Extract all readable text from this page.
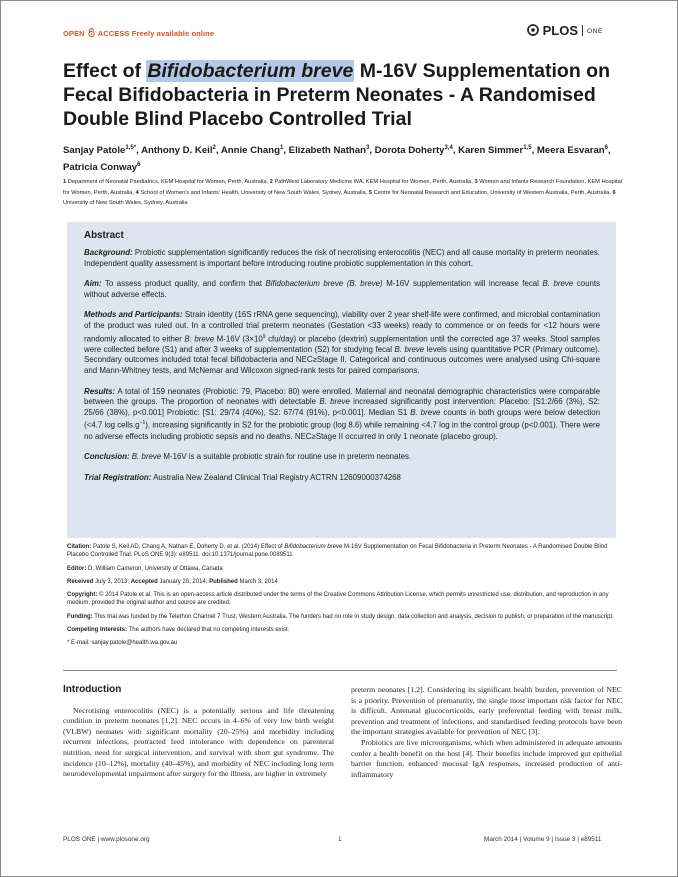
OPEN ACCESS Freely available online	PLOS ONE
Effect of Bifidobacterium breve M-16V Supplementation on Fecal Bifidobacteria in Preterm Neonates - A Randomised Double Blind Placebo Controlled Trial
Sanjay Patole$^{1,5*}$, Anthony D. Keil$^2$, Annie Chang$^1$, Elizabeth Nathan$^3$, Dorota Doherty$^{3,4}$, Karen Simmer$^{1,5}$, Meera Esvaran$^6$, Patricia Conway$^6$
1 Department of Neonatal Paediatrics, KEM Hospital for Women, Perth, Australia, 2 PathWest Laboratory Medicine WA, KEM Hospital for Women, Perth, Australia, 3 Women and Infants Research Foundation, KEM Hospital for Women, Perth, Australia, 4 School of Women's and Infants' Health, University of New South Wales, Sydney, Australia, 5 Centre for Neonatal Research and Education, University of Western Australia, Perth, Australia, 6 University of New South Wales, Sydney, Australia
Abstract

Background: Probiotic supplementation significantly reduces the risk of necrotising enterocolitis (NEC) and all cause mortality in preterm neonates. Independent quality assessment is important before introducing routine probiotic supplementation in this cohort.

Aim: To assess product quality, and confirm that Bifidobacterium breve (B. breve) M-16V supplementation will increase fecal B. breve counts without adverse effects.

Methods and Participants: Strain identity (16S rRNA gene sequencing), viability over 2 year shelf-life were confirmed, and microbial contamination of the product was ruled out. In a controlled trial preterm neonates (Gestation <33 weeks) ready to commence or on feeds for <12 hours were randomly allocated to either B. breve M-16V ($3\times 10^9$ cfu/day) or placebo (dextrin) supplementation until the corrected age 37 weeks. Stool samples were collected before (S1) and after 3 weeks of supplementation (S2) for studying fecal B. breve levels using quantitative PCR (Primary outcome). Secondary outcomes included total fecal bifidobacteria and NEC≥Stage II. Categorical and continuous outcomes were analysed using Chi-square and Mann-Whitney tests, and McNemar and Wilcoxon signed-rank tests for paired comparisons.

Results: A total of 159 neonates (Probiotic: 79, Placebo: 80) were enrolled. Maternal and neonatal demographic characteristics were comparable between the groups. The proportion of neonates with detectable B. breve increased significantly post intervention: Placebo: [S1:2/66 (3%), S2: 25/66 (38%), p<0.001] Probiotic: [S1: 29/74 (40%), S2: 67/74 (91%), p<0.001]. Median S1 B. breve counts in both groups were below detection (<4.7 $\log cells.g^{-1}$), increasing significantly in S2 for the probiotic group (log 8.6) while remaining <4.7 log in the control group (p<0.001). There were no adverse effects including probiotic sepsis and no deaths. NEC≥Stage II occurred in only 1 neonate (placebo group).

Conclusion: B. breve M-16V is a suitable probiotic strain for routine use in preterm neonates.

Trial Registration: Australia New Zealand Clinical Trial Registry ACTRN 12609000374268

Citation: Patole S, Keil AD, Chang A, Nathan E, Doherty D, et al. (2014) Effect of Bifidobacterium breve M-16V Supplementation on Fecal Bifidobacteria in Preterm Neonates - A Randomised Double Blind Placebo Controlled Trial. PLoS ONE 9(3): e89511. doi:10.1371/journal.pone.0089511

Editor: D. William Cameron, University of Ottawa, Canada

Received July 3, 2013; Accepted January 20, 2014; Published March 3, 2014

Copyright: © 2014 Patole et al. This is an open-access article distributed under the terms of the Creative Commons Attribution License, which permits unrestricted use, distribution, and reproduction in any medium, provided the original author and source are credited.

Funding: This trial was funded by the Telethon Channel 7 Trust, Western Australia. The funders had no role in study design, data collection and analysis, decision to publish, or preparation of the manuscript.

Competing Interests: The authors have declared that no competing interests exist.

* E-mail: sanjay.patole@health.wa.gov.au

Introduction

Necrotising enterocolitis (NEC) is a potentially serious and life threatening condition in preterm neonates [1,2]. NEC occurs in 4–6% of very low birth weight (VLBW) neonates with significant mortality (20–25%) and morbidity including recurrent infections, protracted feed intolerance with dependence on parenteral nutrition, need for surgical intervention, and survival with short gut syndrome. The incidence (10–12%), mortality (40–45%), and morbidity of NEC including long term neurodevelopmental impairment after surgery for the illness, are higher in extremely

preterm neonates [1,2]. Considering its significant health burden, prevention of NEC is a priority. Prevention of prematurity, the single most important risk factor for NEC is difficult. Antenatal glucocorticoids, early preferential feeding with breast milk, prevention and treatment of infections, and standardised feeding protocols have been the important strategies available for prevention of NEC [3].

Probiotics are live microorganisms, which when administered in adequate amounts confer a health benefit on the host [4]. Their benefits include improved gut epithelial barrier function, enhanced mucosal IgA responses, increased production of anti-inflammatory

PLOS ONE | www.plosone.org	1	March 2014 | Volume 9 | Issue 3 | e89511
